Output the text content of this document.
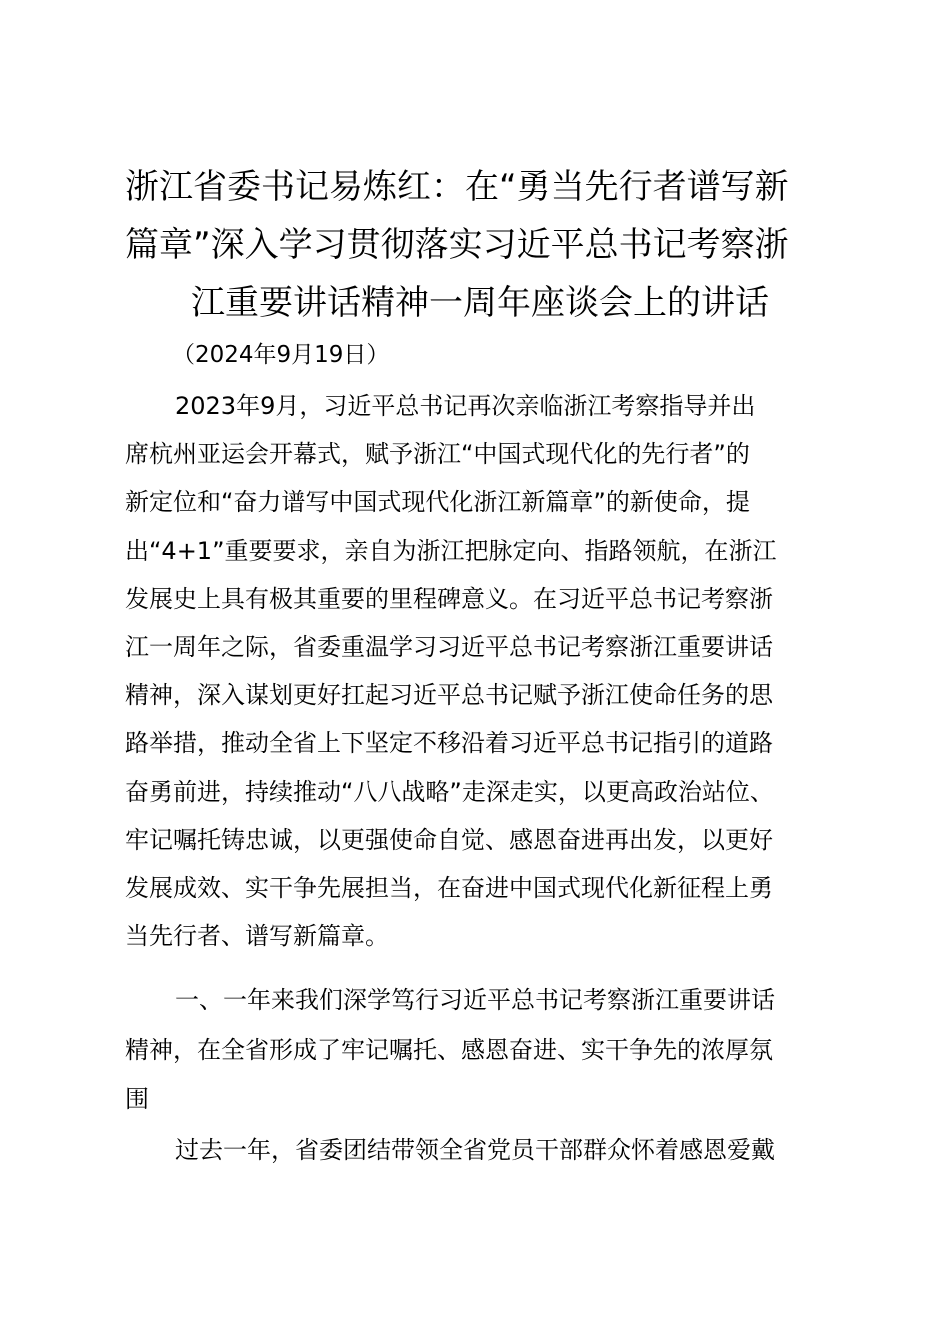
浙江省委书记易炼红：在“勇当先行者谱写新
篇章”深入学习贯彻落实习近平总书记考察浙
江重要讲话精神一周年座谈会上的讲话
（2024年9月19日）
2023年9月，习近平总书记再次亲临浙江考察指导并出
席杭州亚运会开幕式，赋予浙江“中国式现代化的先行者”的
新定位和“奋力谱写中国式现代化浙江新篇章”的新使命，提
出“4+1”重要要求，亲自为浙江把脉定向、指路领航，在浙江
发展史上具有极其重要的里程碑意义。在习近平总书记考察浙
江一周年之际，省委重温学习习近平总书记考察浙江重要讲话
精神，深入谋划更好扛起习近平总书记赋予浙江使命任务的思
路举措，推动全省上下坚定不移沿着习近平总书记指引的道路
奋勇前进，持续推动“八八战略”走深走实，以更高政治站位、
牢记嘱托铸忠诚，以更强使命自觉、感恩奋进再出发，以更好
发展成效、实干争先展担当，在奋进中国式现代化新征程上勇
当先行者、谱写新篇章。
一、一年来我们深学笃行习近平总书记考察浙江重要讲话
精神，在全省形成了牢记嘱托、感恩奋进、实干争先的浓厚氛
围
过去一年，省委团结带领全省党员干部群众怀着感恩爱戴
